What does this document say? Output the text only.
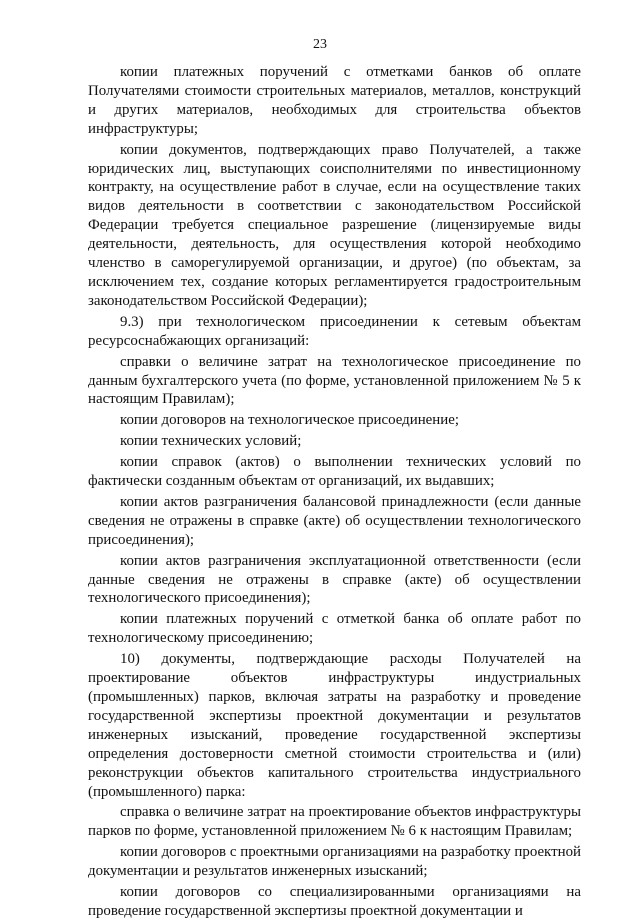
23

копии платежных поручений с отметками банков об оплате Получателями стоимости строительных материалов, металлов, конструкций и других материалов, необходимых для строительства объектов инфраструктуры;

копии документов, подтверждающих право Получателей, а также юридических лиц, выступающих соисполнителями по инвестиционному контракту, на осуществление работ в случае, если на осуществление таких видов деятельности в соответствии с законодательством Российской Федерации требуется специальное разрешение (лицензируемые виды деятельности, деятельность, для осуществления которой необходимо членство в саморегулируемой организации, и другое) (по объектам, за исключением тех, создание которых регламентируется градостроительным законодательством Российской Федерации);

9.3) при технологическом присоединении к сетевым объектам ресурсоснабжающих организаций:

справки о величине затрат на технологическое присоединение по данным бухгалтерского учета (по форме, установленной приложением № 5 к настоящим Правилам);

копии договоров на технологическое присоединение;

копии технических условий;

копии справок (актов) о выполнении технических условий по фактически созданным объектам от организаций, их выдавших;

копии актов разграничения балансовой принадлежности (если данные сведения не отражены в справке (акте) об осуществлении технологического присоединения);

копии актов разграничения эксплуатационной ответственности (если данные сведения не отражены в справке (акте) об осуществлении технологического присоединения);

копии платежных поручений с отметкой банка об оплате работ по технологическому присоединению;

10) документы, подтверждающие расходы Получателей на проектирование объектов инфраструктуры индустриальных (промышленных) парков, включая затраты на разработку и проведение государственной экспертизы проектной документации и результатов инженерных изысканий, проведение государственной экспертизы определения достоверности сметной стоимости строительства и (или) реконструкции объектов капитального строительства индустриального (промышленного) парка:

справка о величине затрат на проектирование объектов инфраструктуры парков по форме, установленной приложением № 6 к настоящим Правилам;

копии договоров с проектными организациями на разработку проектной документации и результатов инженерных изысканий;

копии договоров со специализированными организациями на проведение государственной экспертизы проектной документации и
